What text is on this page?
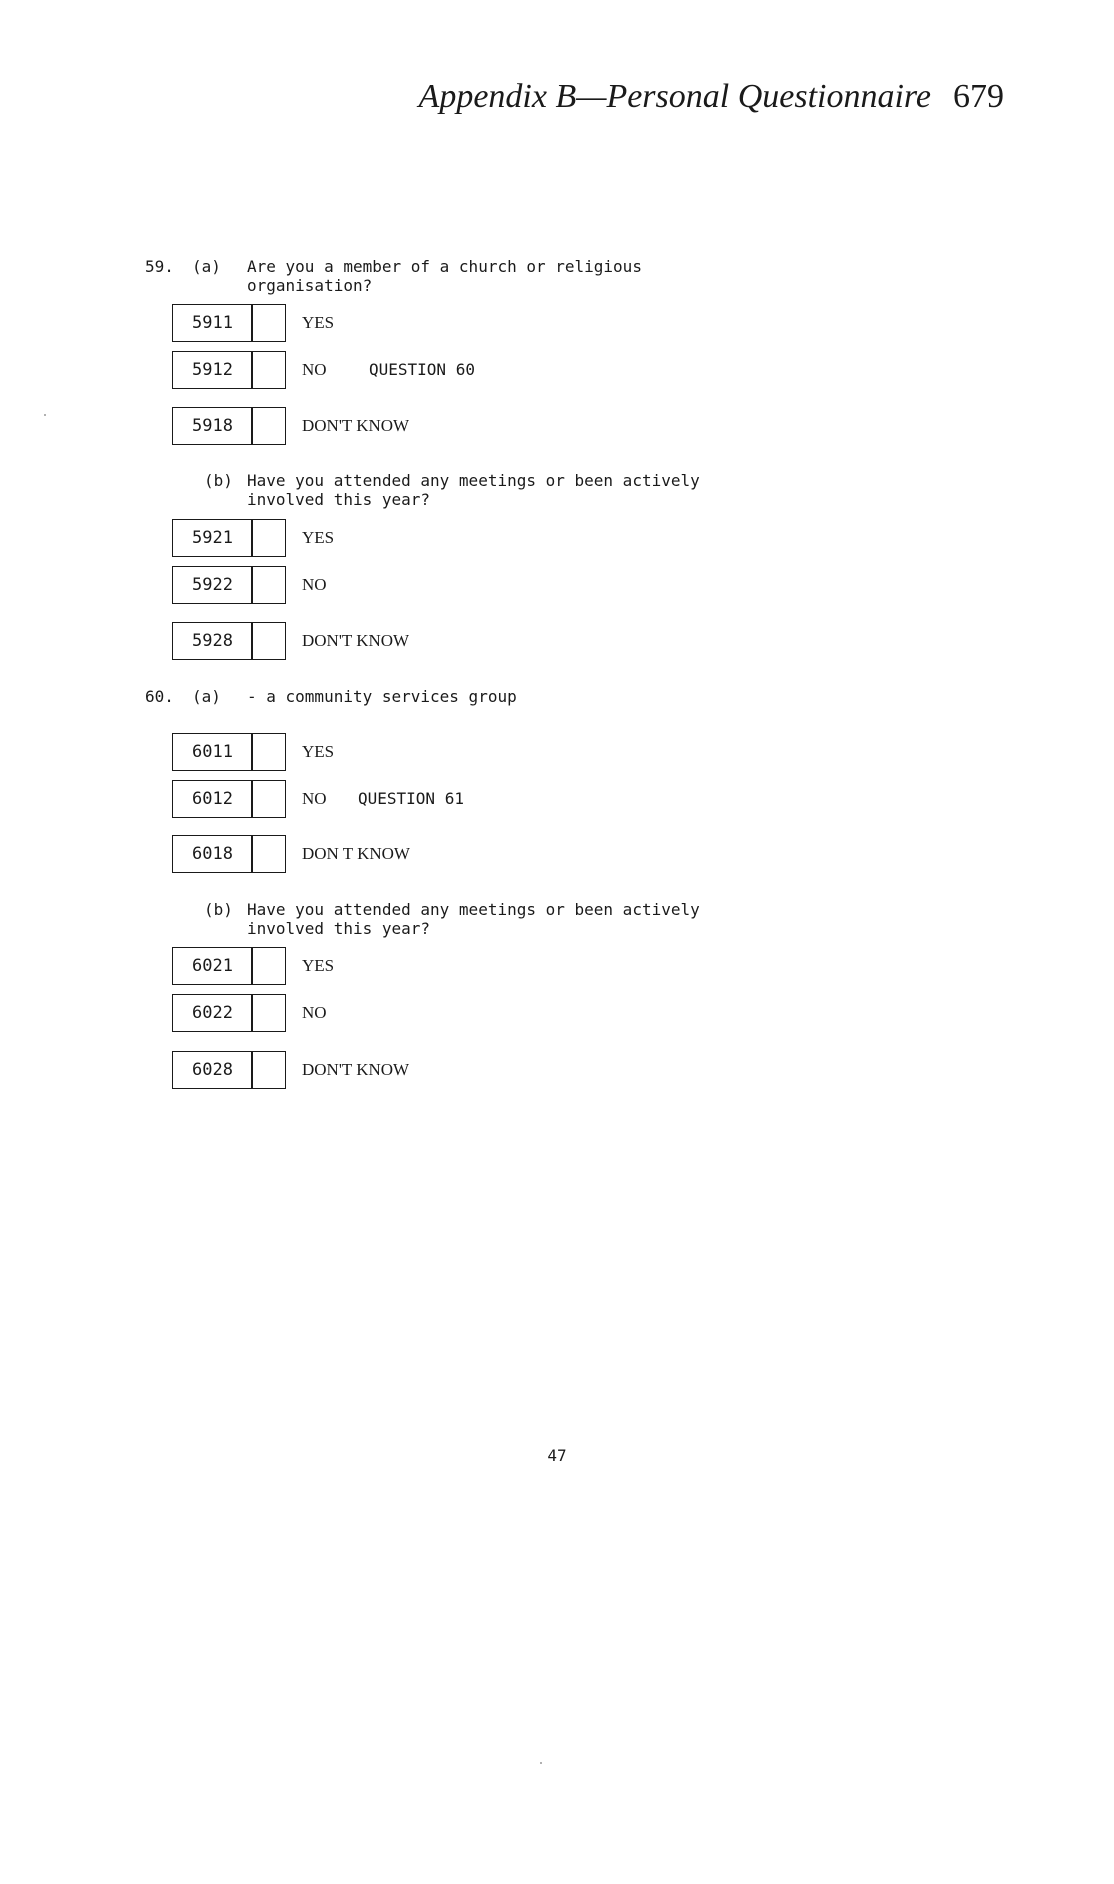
Appendix B—Personal Questionnaire 679
59. (a) Are you a member of a church or religious
organisation?
5911	YES
5912	NO	QUESTION 60
5918	DON'T KNOW
(b) Have you attended any meetings or been actively
involved this year?
5921	YES
5922	NO
5928	DON'T KNOW
60. (a) - a community services group
6011	YES
6012	NO QUESTION 61
6018	DON T KNOW
(b) Have you attended any meetings or been actively
involved this year?
6021	YES
6022	NO
6028	DON'T KNOW
47
